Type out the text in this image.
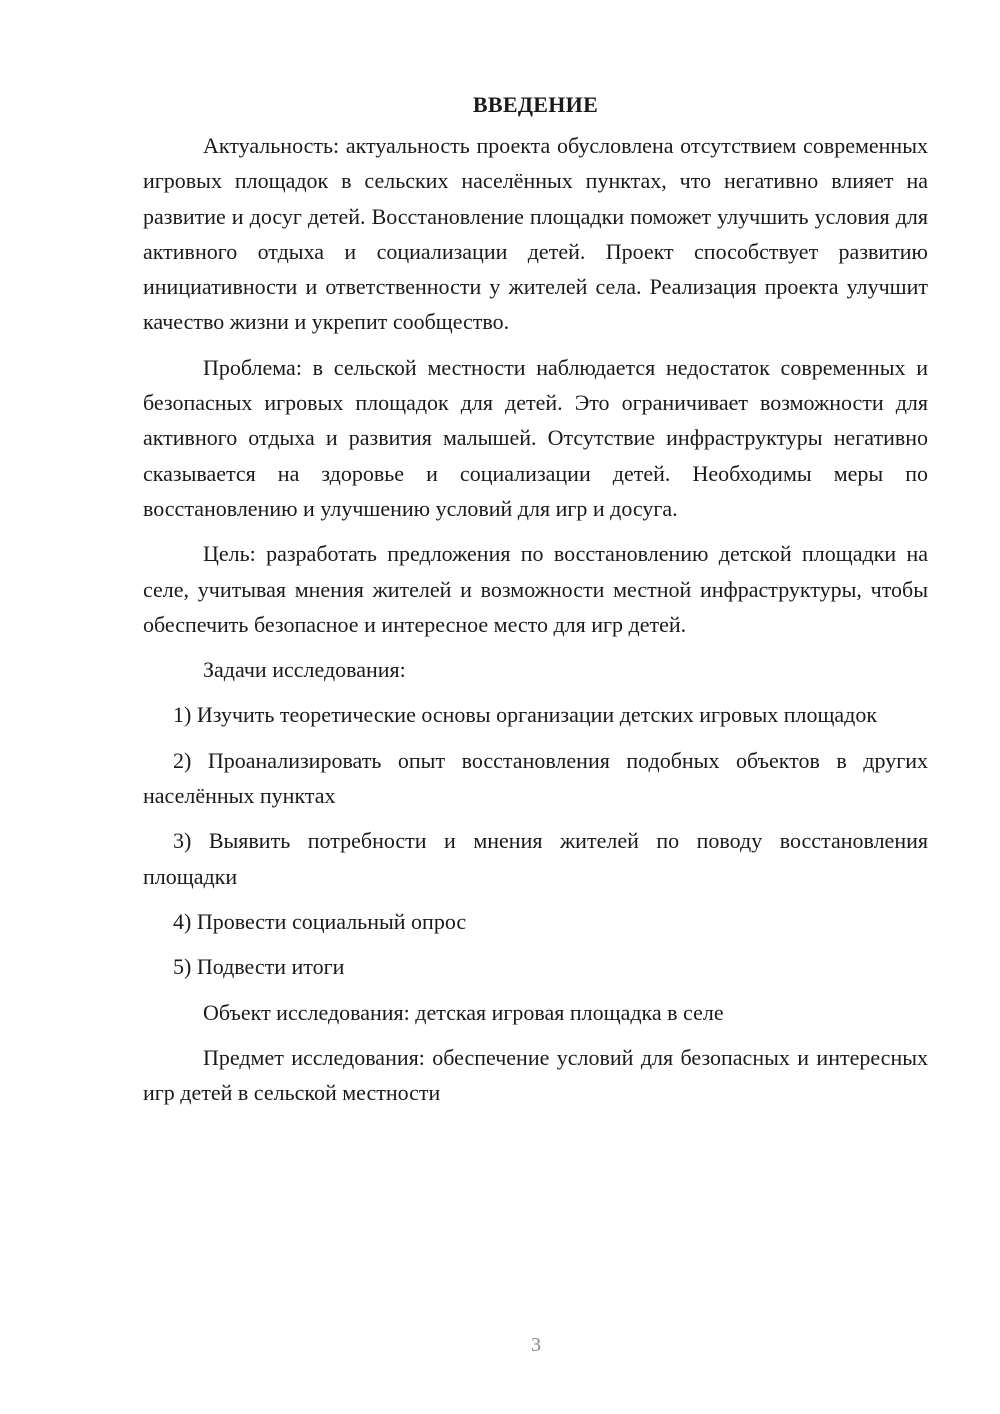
ВВЕДЕНИЕ

Актуальность: актуальность проекта обусловлена отсутствием современных игровых площадок в сельских населённых пунктах, что негативно влияет на развитие и досуг детей. Восстановление площадки поможет улучшить условия для активного отдыха и социализации детей. Проект способствует развитию инициативности и ответственности у жителей села. Реализация проекта улучшит качество жизни и укрепит сообщество.

Проблема: в сельской местности наблюдается недостаток современных и безопасных игровых площадок для детей. Это ограничивает возможности для активного отдыха и развития малышей. Отсутствие инфраструктуры негативно сказывается на здоровье и социализации детей. Необходимы меры по восстановлению и улучшению условий для игр и досуга.

Цель: разработать предложения по восстановлению детской площадки на селе, учитывая мнения жителей и возможности местной инфраструктуры, чтобы обеспечить безопасное и интересное место для игр детей.

Задачи исследования:

1) Изучить теоретические основы организации детских игровых площадок

2) Проанализировать опыт восстановления подобных объектов в других населённых пунктах

3) Выявить потребности и мнения жителей по поводу восстановления площадки

4) Провести социальный опрос

5) Подвести итоги

Объект исследования: детская игровая площадка в селе

Предмет исследования: обеспечение условий для безопасных и интересных игр детей в сельской местности

3
